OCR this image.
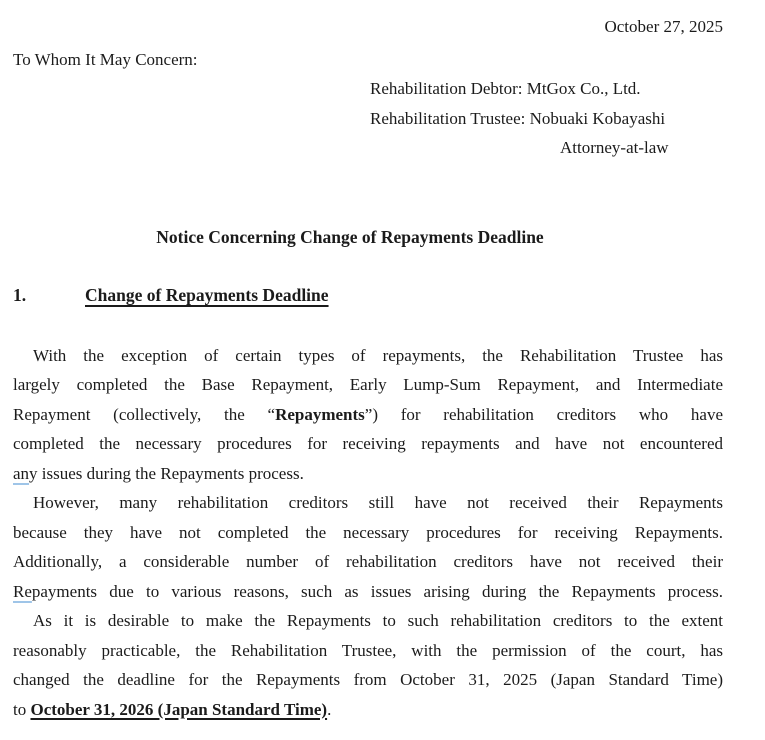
October 27, 2025
To Whom It May Concern:
Rehabilitation Debtor: MtGox Co., Ltd.
Rehabilitation Trustee: Nobuaki Kobayashi
Attorney-at-law
Notice Concerning Change of Repayments Deadline
1.	Change of Repayments Deadline
With the exception of certain types of repayments, the Rehabilitation Trustee has
largely completed the Base Repayment, Early Lump-Sum Repayment, and Intermediate
Repayment (collectively, the “Repayments”) for rehabilitation creditors who have
completed the necessary procedures for receiving repayments and have not encountered
any issues during the Repayments process.
However, many rehabilitation creditors still have not received their Repayments
because they have not completed the necessary procedures for receiving Repayments.
Additionally, a considerable number of rehabilitation creditors have not received their
Repayments due to various reasons, such as issues arising during the Repayments process.
As it is desirable to make the Repayments to such rehabilitation creditors to the extent
reasonably practicable, the Rehabilitation Trustee, with the permission of the court, has
changed the deadline for the Repayments from October 31, 2025 (Japan Standard Time)
to October 31, 2026 (Japan Standard Time).
